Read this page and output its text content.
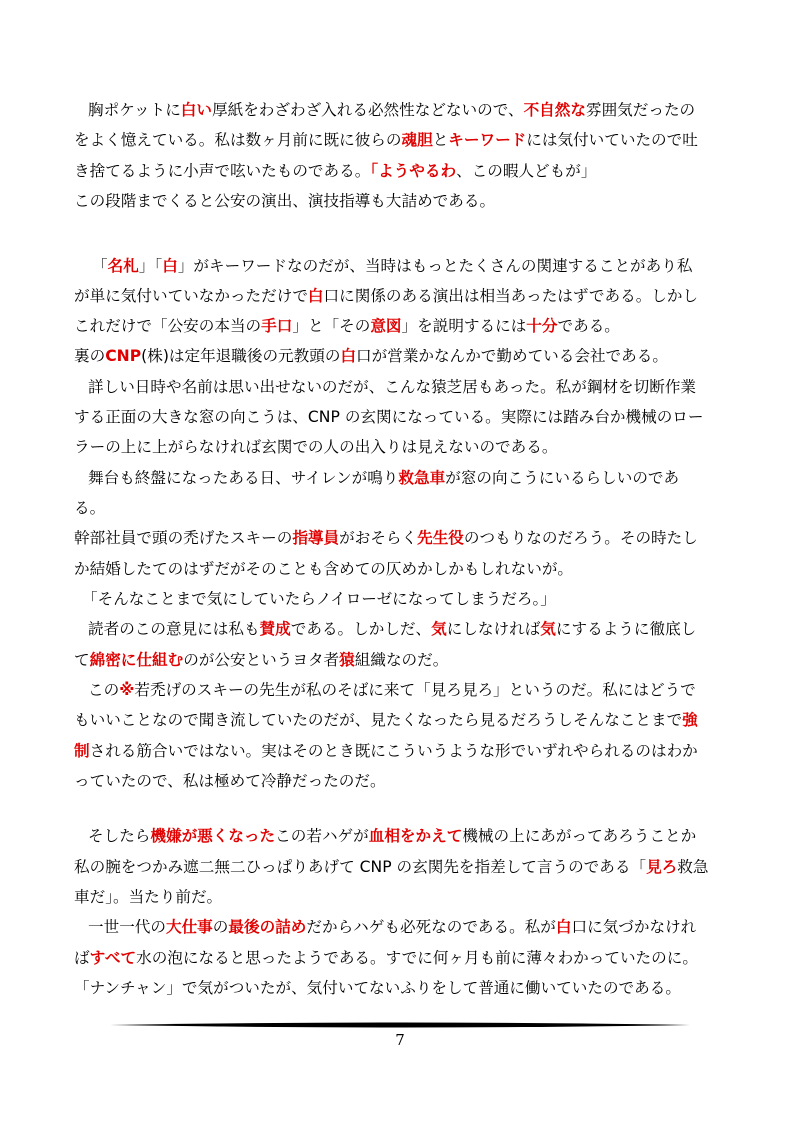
胸ポケットに白い厚紙をわざわざ入れる必然性などないので、不自然な雰囲気だったの
をよく憶えている。私は数ヶ月前に既に彼らの魂胆とキーワードには気付いていたので吐
き捨てるように小声で呟いたものである。「ようやるわ、この暇人どもが」
この段階までくると公安の演出、演技指導も大詰めである。
「名札」「白」がキーワードなのだが、当時はもっとたくさんの関連することがあり私
が単に気付いていなかっただけで白口に関係のある演出は相当あったはずである。しかし
これだけで「公安の本当の手口」と「その意図」を説明するには十分である。
裏のCNP(株)は定年退職後の元教頭の白口が営業かなんかで勤めている会社である。
詳しい日時や名前は思い出せないのだが、こんな猿芝居もあった。私が鋼材を切断作業
する正面の大きな窓の向こうは、CNP の玄関になっている。実際には踏み台か機械のロー
ラーの上に上がらなければ玄関での人の出入りは見えないのである。
舞台も終盤になったある日、サイレンが鳴り救急車が窓の向こうにいるらしいのであ
る。
幹部社員で頭の禿げたスキーの指導員がおそらく先生役のつもりなのだろう。その時たし
か結婚したてのはずだがそのことも含めての仄めかしかもしれないが。
「そんなことまで気にしていたらノイローゼになってしまうだろ。」
読者のこの意見には私も賛成である。しかしだ、気にしなければ気にするように徹底し
て綿密に仕組むのが公安というヨタ者猿組織なのだ。
この※若禿げのスキーの先生が私のそばに来て「見ろ見ろ」というのだ。私にはどうで
もいいことなので聞き流していたのだが、見たくなったら見るだろうしそんなことまで強
制される筋合いではない。実はそのとき既にこういうような形でいずれやられるのはわか
っていたので、私は極めて冷静だったのだ。
そしたら機嫌が悪くなったこの若ハゲが血相をかえて機械の上にあがってあろうことか
私の腕をつかみ遮二無二ひっぱりあげて CNP の玄関先を指差して言うのである「見ろ救急
車だ」。当たり前だ。
一世一代の大仕事の最後の詰めだからハゲも必死なのである。私が白口に気づかなけれ
ばすべて水の泡になると思ったようである。すでに何ヶ月も前に薄々わかっていたのに。
「ナンチャン」で気がついたが、気付いてないふりをして普通に働いていたのである。
7
